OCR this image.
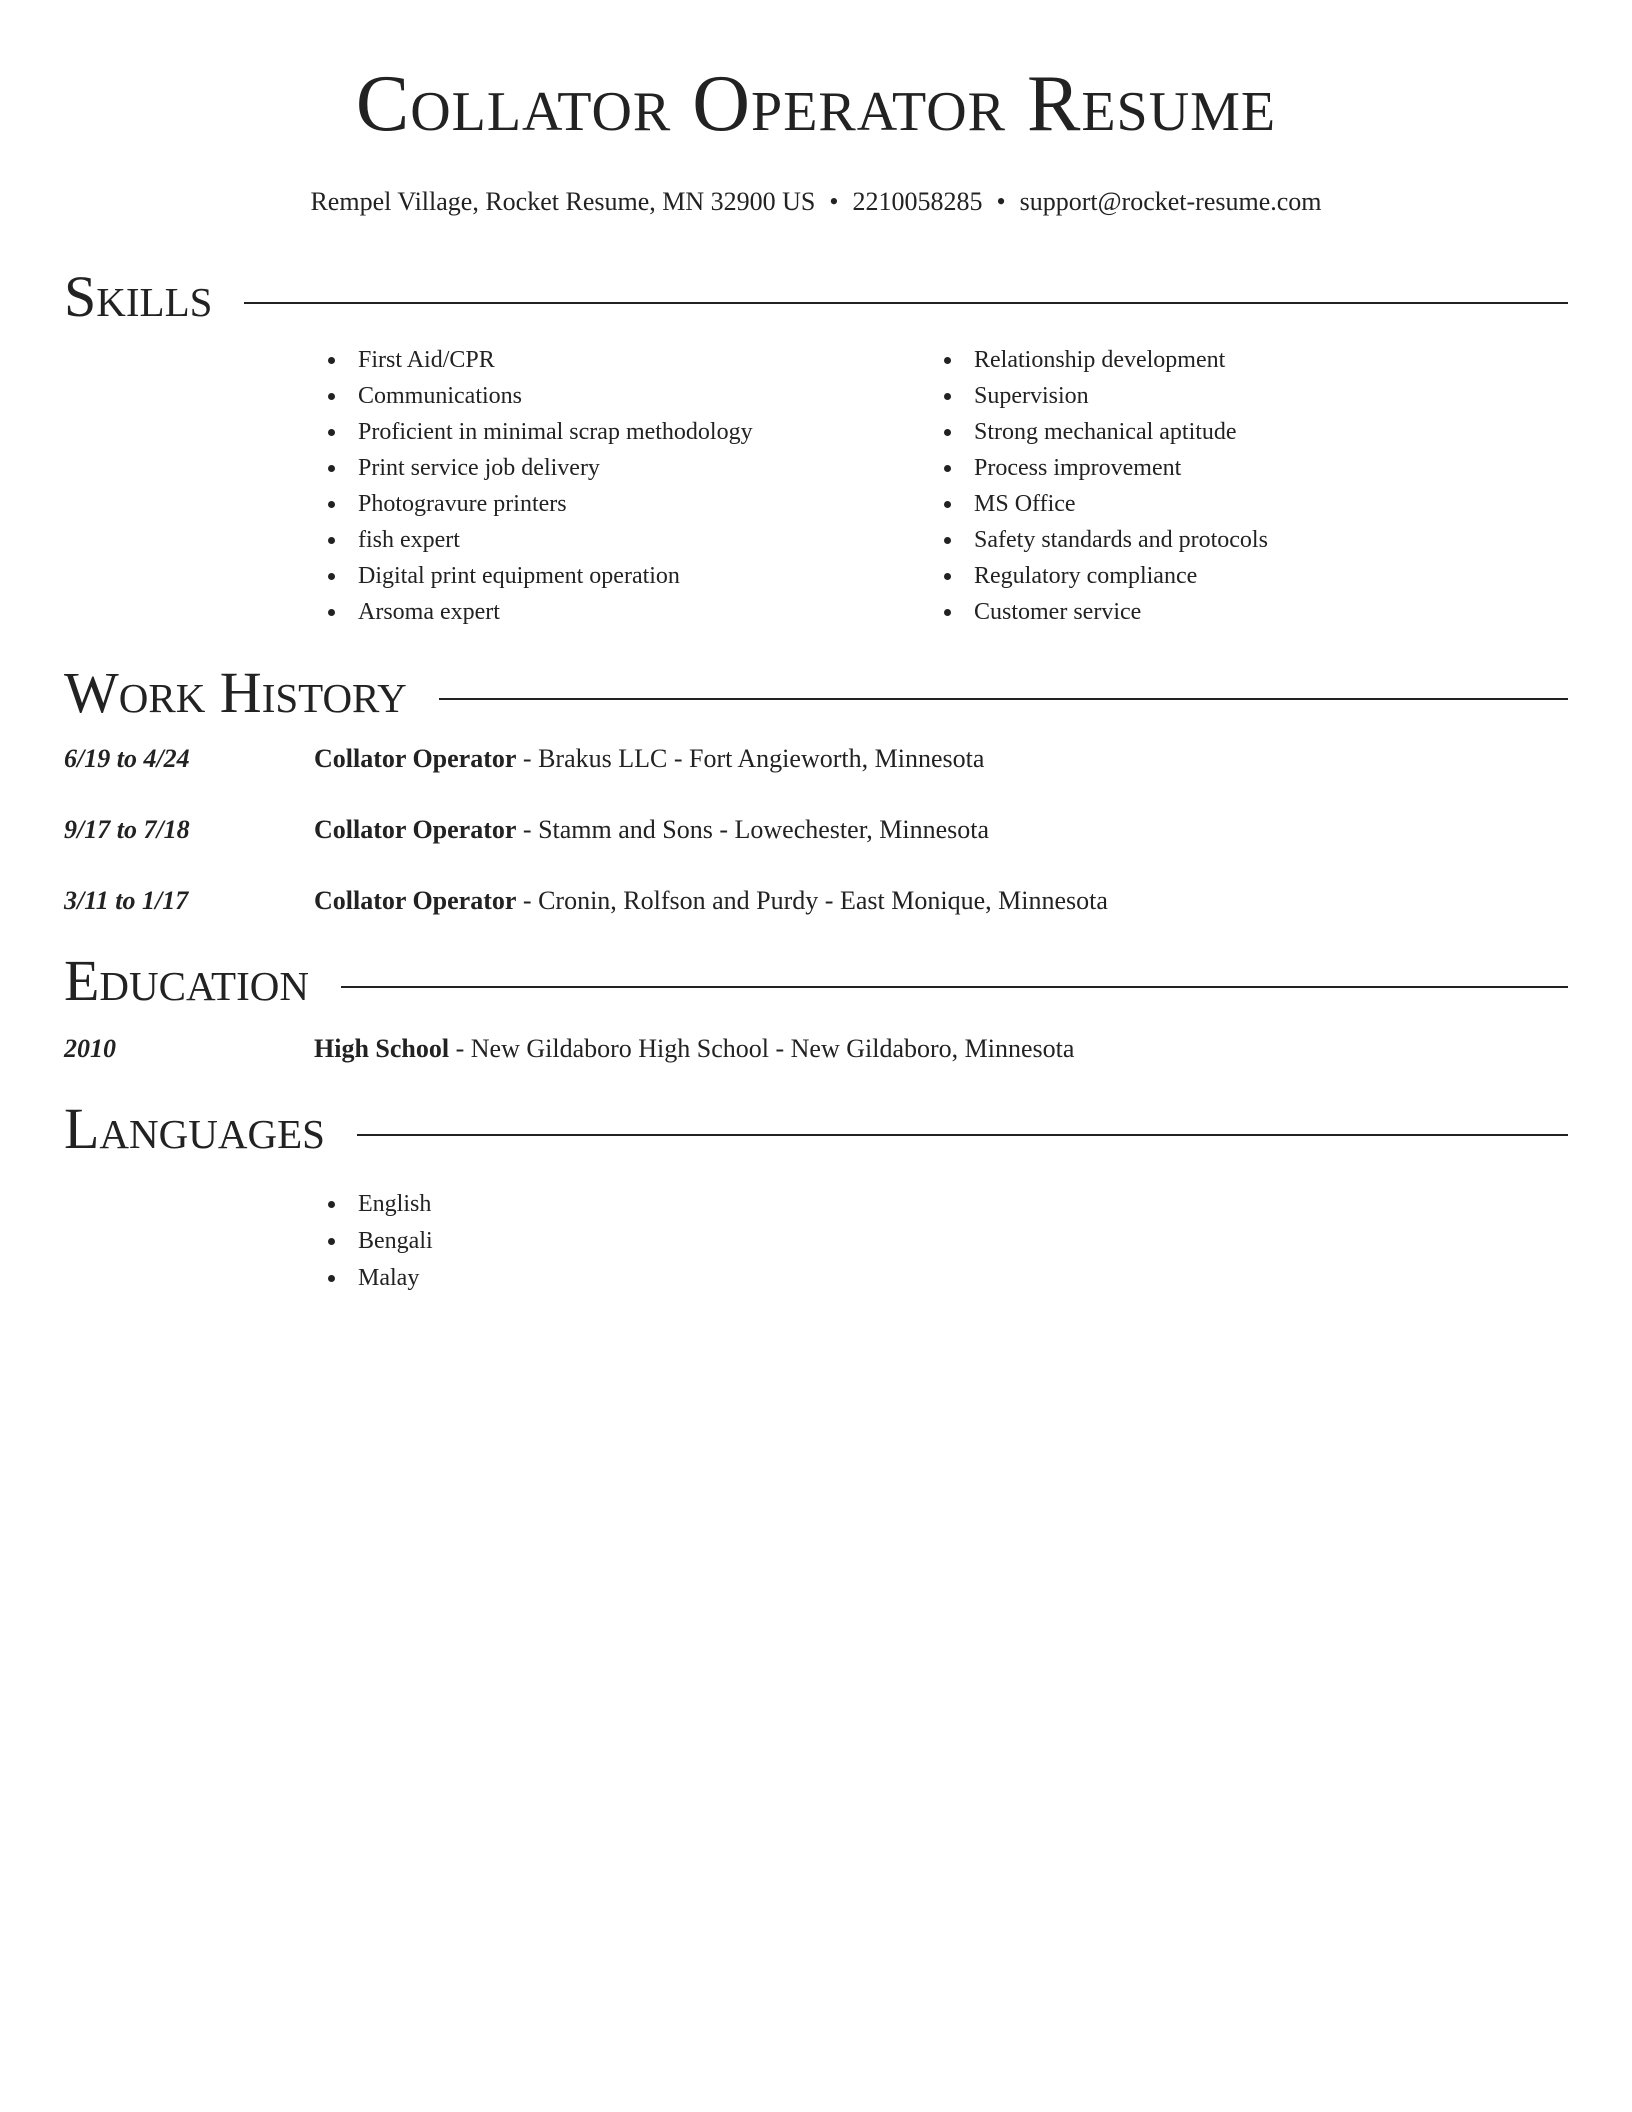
Collator Operator Resume
Rempel Village, Rocket Resume, MN 32900 US • 2210058285 • support@rocket-resume.com
Skills
First Aid/CPR
Communications
Proficient in minimal scrap methodology
Print service job delivery
Photogravure printers
fish expert
Digital print equipment operation
Arsoma expert
Relationship development
Supervision
Strong mechanical aptitude
Process improvement
MS Office
Safety standards and protocols
Regulatory compliance
Customer service
Work History
6/19 to 4/24	Collator Operator - Brakus LLC - Fort Angieworth, Minnesota
9/17 to 7/18	Collator Operator - Stamm and Sons - Lowechester, Minnesota
3/11 to 1/17	Collator Operator - Cronin, Rolfson and Purdy - East Monique, Minnesota
Education
2010	High School - New Gildaboro High School - New Gildaboro, Minnesota
Languages
English
Bengali
Malay
